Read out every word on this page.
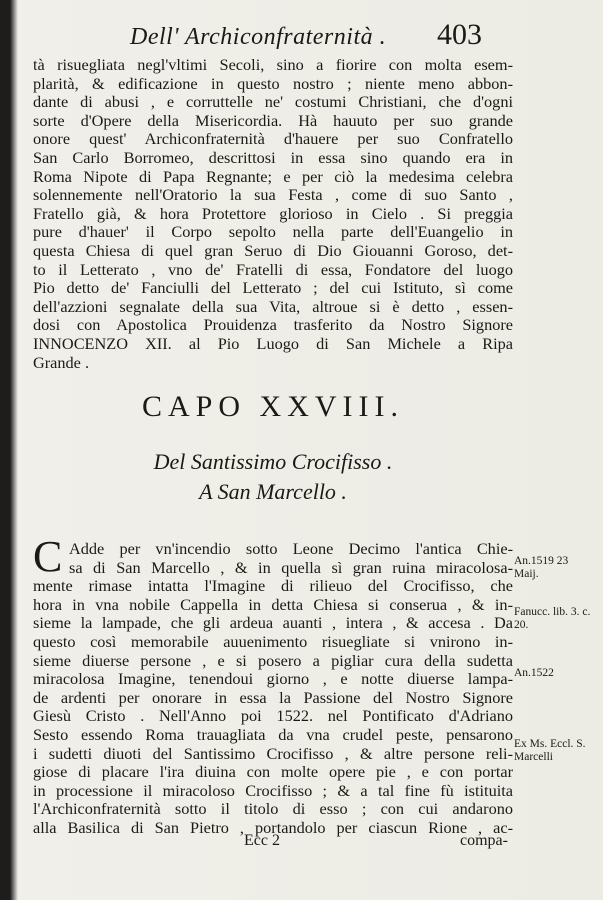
Dell' Archiconfraternità . 403
tà risuegliata negl'vltimi Secoli, sino a fiorire con molta esem-
plarità, & edificazione in questo nostro ; niente meno abbon-
dante di abusi , e corruttelle ne' costumi Christiani, che d'ogni
sorte d'Opere della Misericordia. Hà hauuto per suo grande
onore quest' Archiconfraternità d'hauere per suo Confratello
San Carlo Borromeo, descrittosi in essa sino quando era in
Roma Nipote di Papa Regnante; e per ciò la medesima celebra
solennemente nell'Oratorio la sua Festa , come di suo Santo ,
Fratello già, & hora Protettore glorioso in Cielo . Si preggia
pure d'hauer' il Corpo sepolto nella parte dell'Euangelio in
questa Chiesa di quel gran Seruo di Dio Giouanni Goroso, det-
to il Letterato , vno de' Fratelli di essa, Fondatore del luogo
Pio detto de' Fanciulli del Letterato ; del cui Istituto, sì come
dell'azzioni segnalate della sua Vita, altroue si è detto , essen-
dosi con Apostolica Prouidenza trasferito da Nostro Signore
INNOCENZO XII. al Pio Luogo di San Michele a Ripa
Grande .
CAPO XXVIII.
Del Santissimo Crocifisso .
A San Marcello .
C Adde per vn'incendio sotto Leone Decimo l'antica Chie-
sa di San Marcello , & in quella sì gran ruina miracolosa-
mente rimase intatta l'Imagine di rilieuo del Crocifisso, che
hora in vna nobile Cappella in detta Chiesa si conserua , & in-
sieme la lampade, che gli ardeua auanti , intera , & accesa . Da
questo così memorabile auuenimento risuegliate si vnirono in-
sieme diuerse persone , e si posero a pigliar cura della sudetta
miracolosa Imagine, tenendoui giorno , e notte diuerse lampa-
de ardenti per onorare in essa la Passione del Nostro Signore
Giesù Cristo . Nell'Anno poi 1522. nel Pontificato d'Adriano
Sesto essendo Roma trauagliata da vna crudel peste, pensarono
i sudetti diuoti del Santissimo Crocifisso , & altre persone reli-
giose di placare l'ira diuina con molte opere pie , e con portar
in processione il miracoloso Crocifisso ; & a tal fine fù istituita
l'Archiconfraternità sotto il titolo di esso ; con cui andarono
alla Basilica di San Pietro , portandolo per ciascun Rione , ac-
An.1519 23 Maij.
Fanucc. lib. 3. c. 20.
An.1522
Ex Ms. Eccl. S. Marcelli
Ecc 2	compa-
